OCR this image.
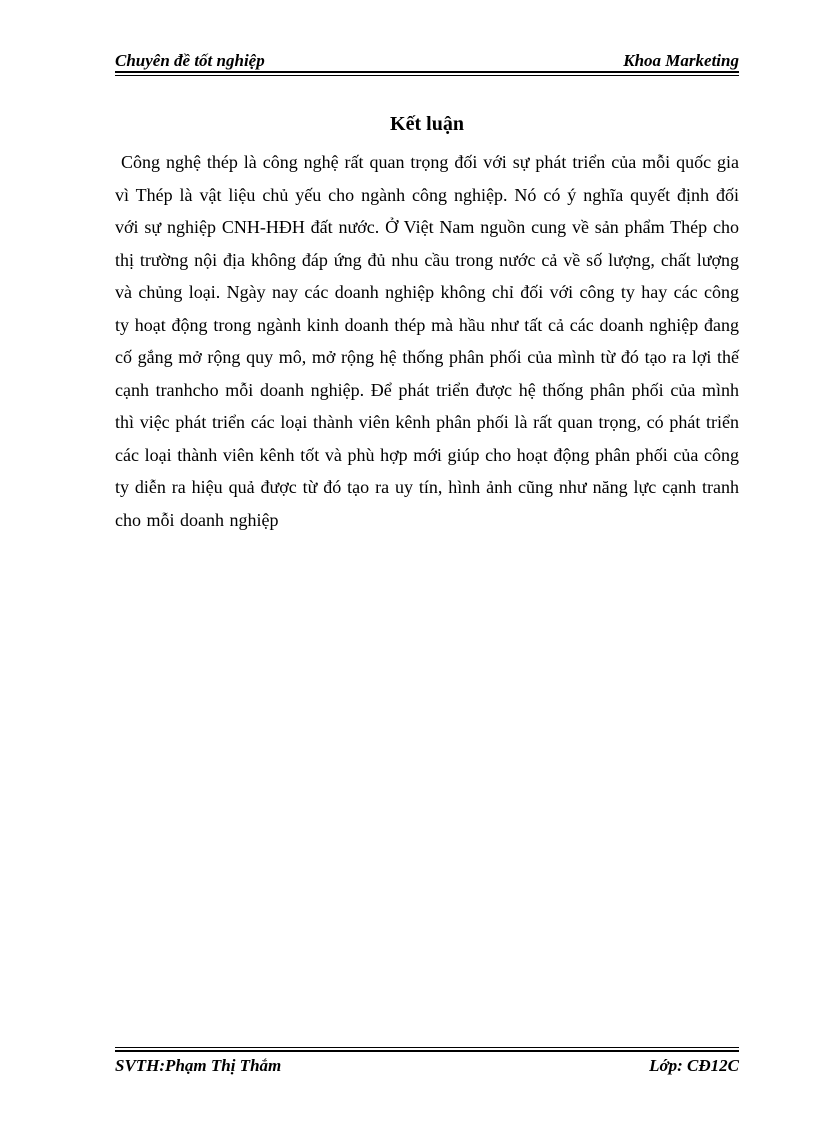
Chuyên đề tốt nghiệp	Khoa Marketing
Kết luận

Công nghệ thép là công nghệ rất quan trọng đối với sự phát triển của mỗi quốc gia vì Thép là vật liệu chủ yếu cho ngành công nghiệp. Nó có ý nghĩa quyết định đối với sự nghiệp CNH-HĐH đất nước. Ở Việt Nam nguồn cung về sản phẩm Thép cho thị trường nội địa không đáp ứng đủ nhu cầu trong nước cả về số lượng, chất lượng và chủng loại. Ngày nay các doanh nghiệp không chỉ đối với công ty hay các công ty hoạt động trong ngành kinh doanh thép mà hầu như tất cả các doanh nghiệp đang cố gắng mở rộng quy mô, mở rộng hệ thống phân phối của mình từ đó tạo ra lợi thế cạnh tranhcho mỗi doanh nghiệp. Để phát triển được hệ thống phân phối của mình thì việc phát triển các loại thành viên kênh phân phối là rất quan trọng, có phát triển các loại thành viên kênh tốt và phù hợp mới giúp cho hoạt động phân phối của công ty diễn ra hiệu quả được từ đó tạo ra uy tín, hình ảnh cũng như năng lực cạnh tranh cho mỗi doanh nghiệp

SVTH:Phạm Thị Thắm	Lớp: CĐ12C
